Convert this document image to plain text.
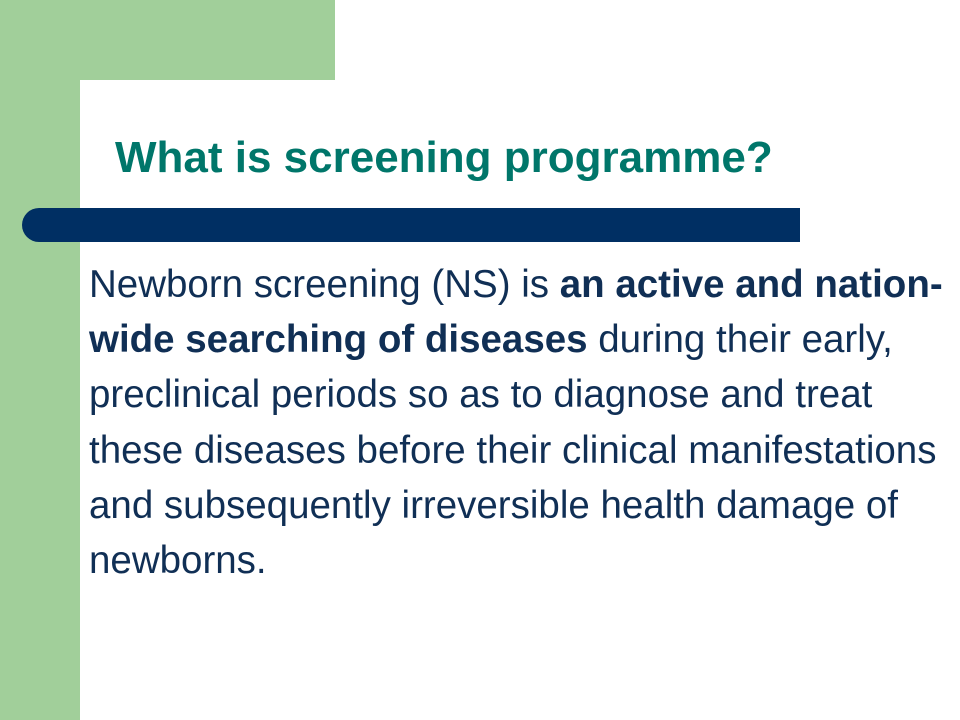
What is screening programme?
Newborn screening (NS) is an active and nation-wide searching of diseases during their early, preclinical periods so as to diagnose and treat these diseases before their clinical manifestations and subsequently irreversible health damage of newborns.
